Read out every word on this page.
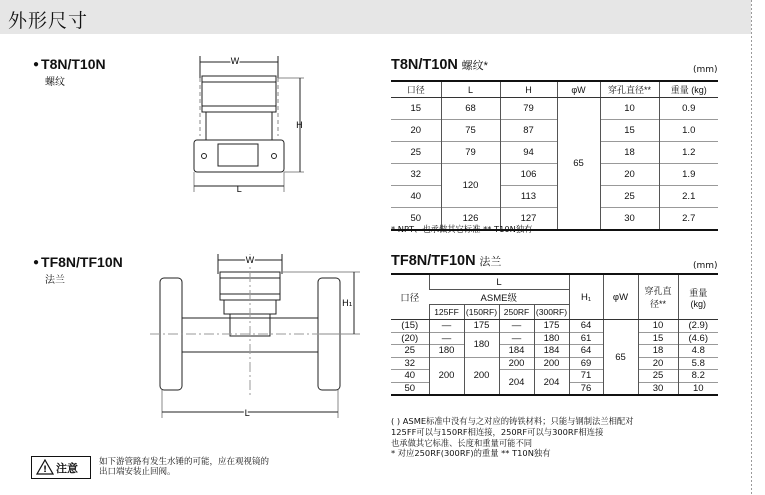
外形尺寸
● T8N/T10N
螺纹
W
H
L
T8N/T10N 螺纹*	(mm)
口径	L	H	φW	穿孔直径**	重量 (kg)
15	68	79	65	10	0.9
20	75	87		15	1.0
25	79	94		18	1.2
32	120	106		20	1.9
40		113		25	2.1
50	126	127		30	2.7
* NPT、也承做其它标准 ** T10N独有
● TF8N/TF10N
法兰
W
H₁
L
TF8N/TF10N 法兰	(mm)
口径	L				H₁	φW	穿孔直径**	重量 (kg)
	ASME级							
	125FF	(150RF)	250RF	(300RF)				
(15)	—	175	—	175	64	65	10	(2.9)
(20)	—	180	—	180	61		15	(4.6)
25	180		184	184	64		18	4.8
32	200	200	200	200	69		20	5.8
40			204	204	71		25	8.2
50					76		30	10
( ) ASME标准中没有与之对应的铸铁材料；只能与钢制法兰相配对
125FF可以与150RF相连接，250RF可以与300RF相连接
也承做其它标准、长度和重量可能不同
* 对应250RF(300RF)的重量 ** T10N独有
! 注意 如下游管路有发生水锤的可能，应在观视镜的
出口端安装止回阀。
